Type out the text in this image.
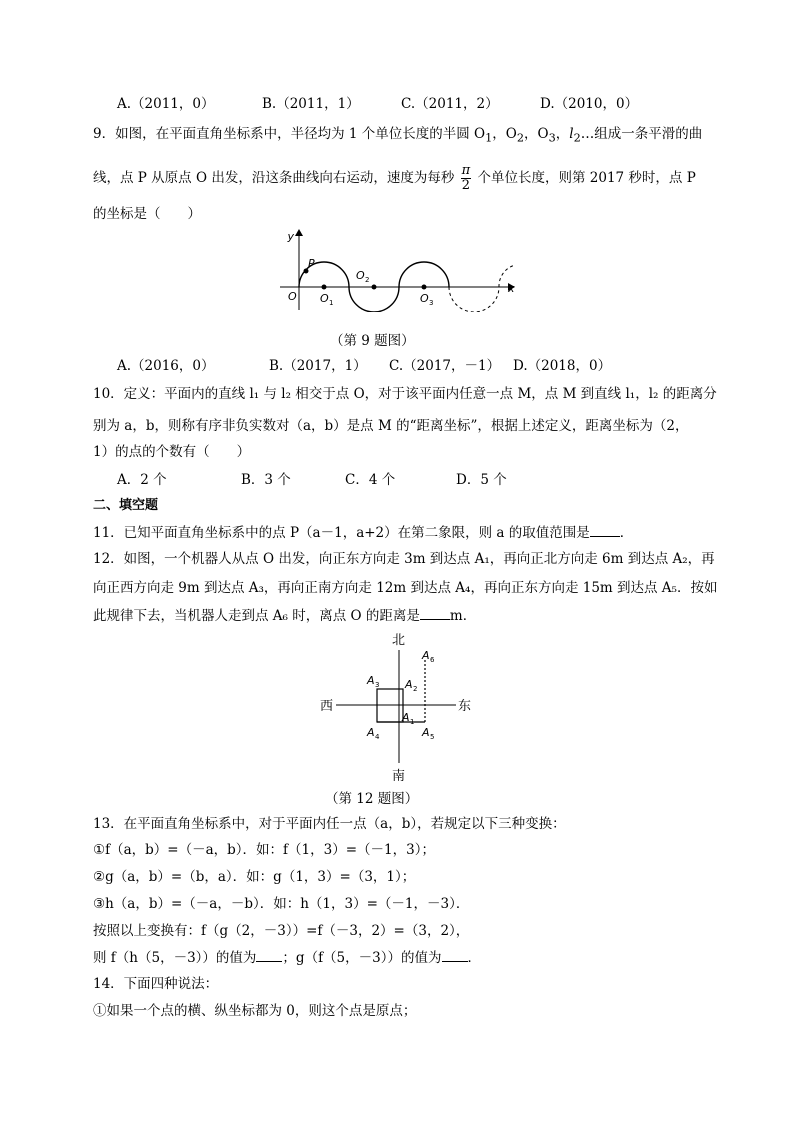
A.（2011，0）	B.（2011，1）	C.（2011，2）	D.（2010，0）
9．如图，在平面直角坐标系中，半径均为 1 个单位长度的半圆 $O_1$，$O_2$，$O_3$，$l_2\dots$组成一条平滑的曲
线，点 P 从原点 O 出发，沿这条曲线向右运动，速度为每秒 $\frac{\pi}{2}$ 个单位长度，则第 2017 秒时，点 P
的坐标是（　　）
y
x
O
P
O 1
O 2
O 3
（第 9 题图）
A.（2016，0）	B.（2017，1） C.（2017，－1） D.（2018，0）
10．定义：平面内的直线 l₁ 与 l₂ 相交于点 O，对于该平面内任意一点 M，点 M 到直线 l₁，l₂ 的距离分
别为 a，b，则称有序非负实数对（a，b）是点 M 的“距离坐标”，根据上述定义，距离坐标为（2，
1）的点的个数有（　　）
A．2 个	B．3 个	C．4 个	D．5 个
二、填空题
11．已知平面直角坐标系中的点 P（a－1，a+2）在第二象限，则 a 的取值范围是 ．
12．如图，一个机器人从点 O 出发，向正东方向走 3m 到达点 A₁，再向正北方向走 6m 到达点 A₂，再
向正西方向走 9m 到达点 A₃，再向正南方向走 12m 到达点 A₄，再向正东方向走 15m 到达点 A₅．按如
此规律下去，当机器人走到点 A₆ 时，离点 O 的距离是 m．
北
南
西	东
A 3 A 2
A 1
A 4	A 5
A 6
（第 12 题图）
13．在平面直角坐标系中，对于平面内任一点（a，b），若规定以下三种变换：
①f（a，b）=（－a，b）．如：f（1，3）=（－1，3）；
②g（a，b）=（b，a）．如：g（1，3）=（3，1）；
③h（a，b）=（－a，－b）．如：h（1，3）=（－1，－3）．
按照以上变换有：f（g（2，－3））=f（－3，2）=（3，2），
则 f（h（5，－3））的值为 ；g（f（5，－3））的值为 ．
14．下面四种说法：
①如果一个点的横、纵坐标都为 0，则这个点是原点；
